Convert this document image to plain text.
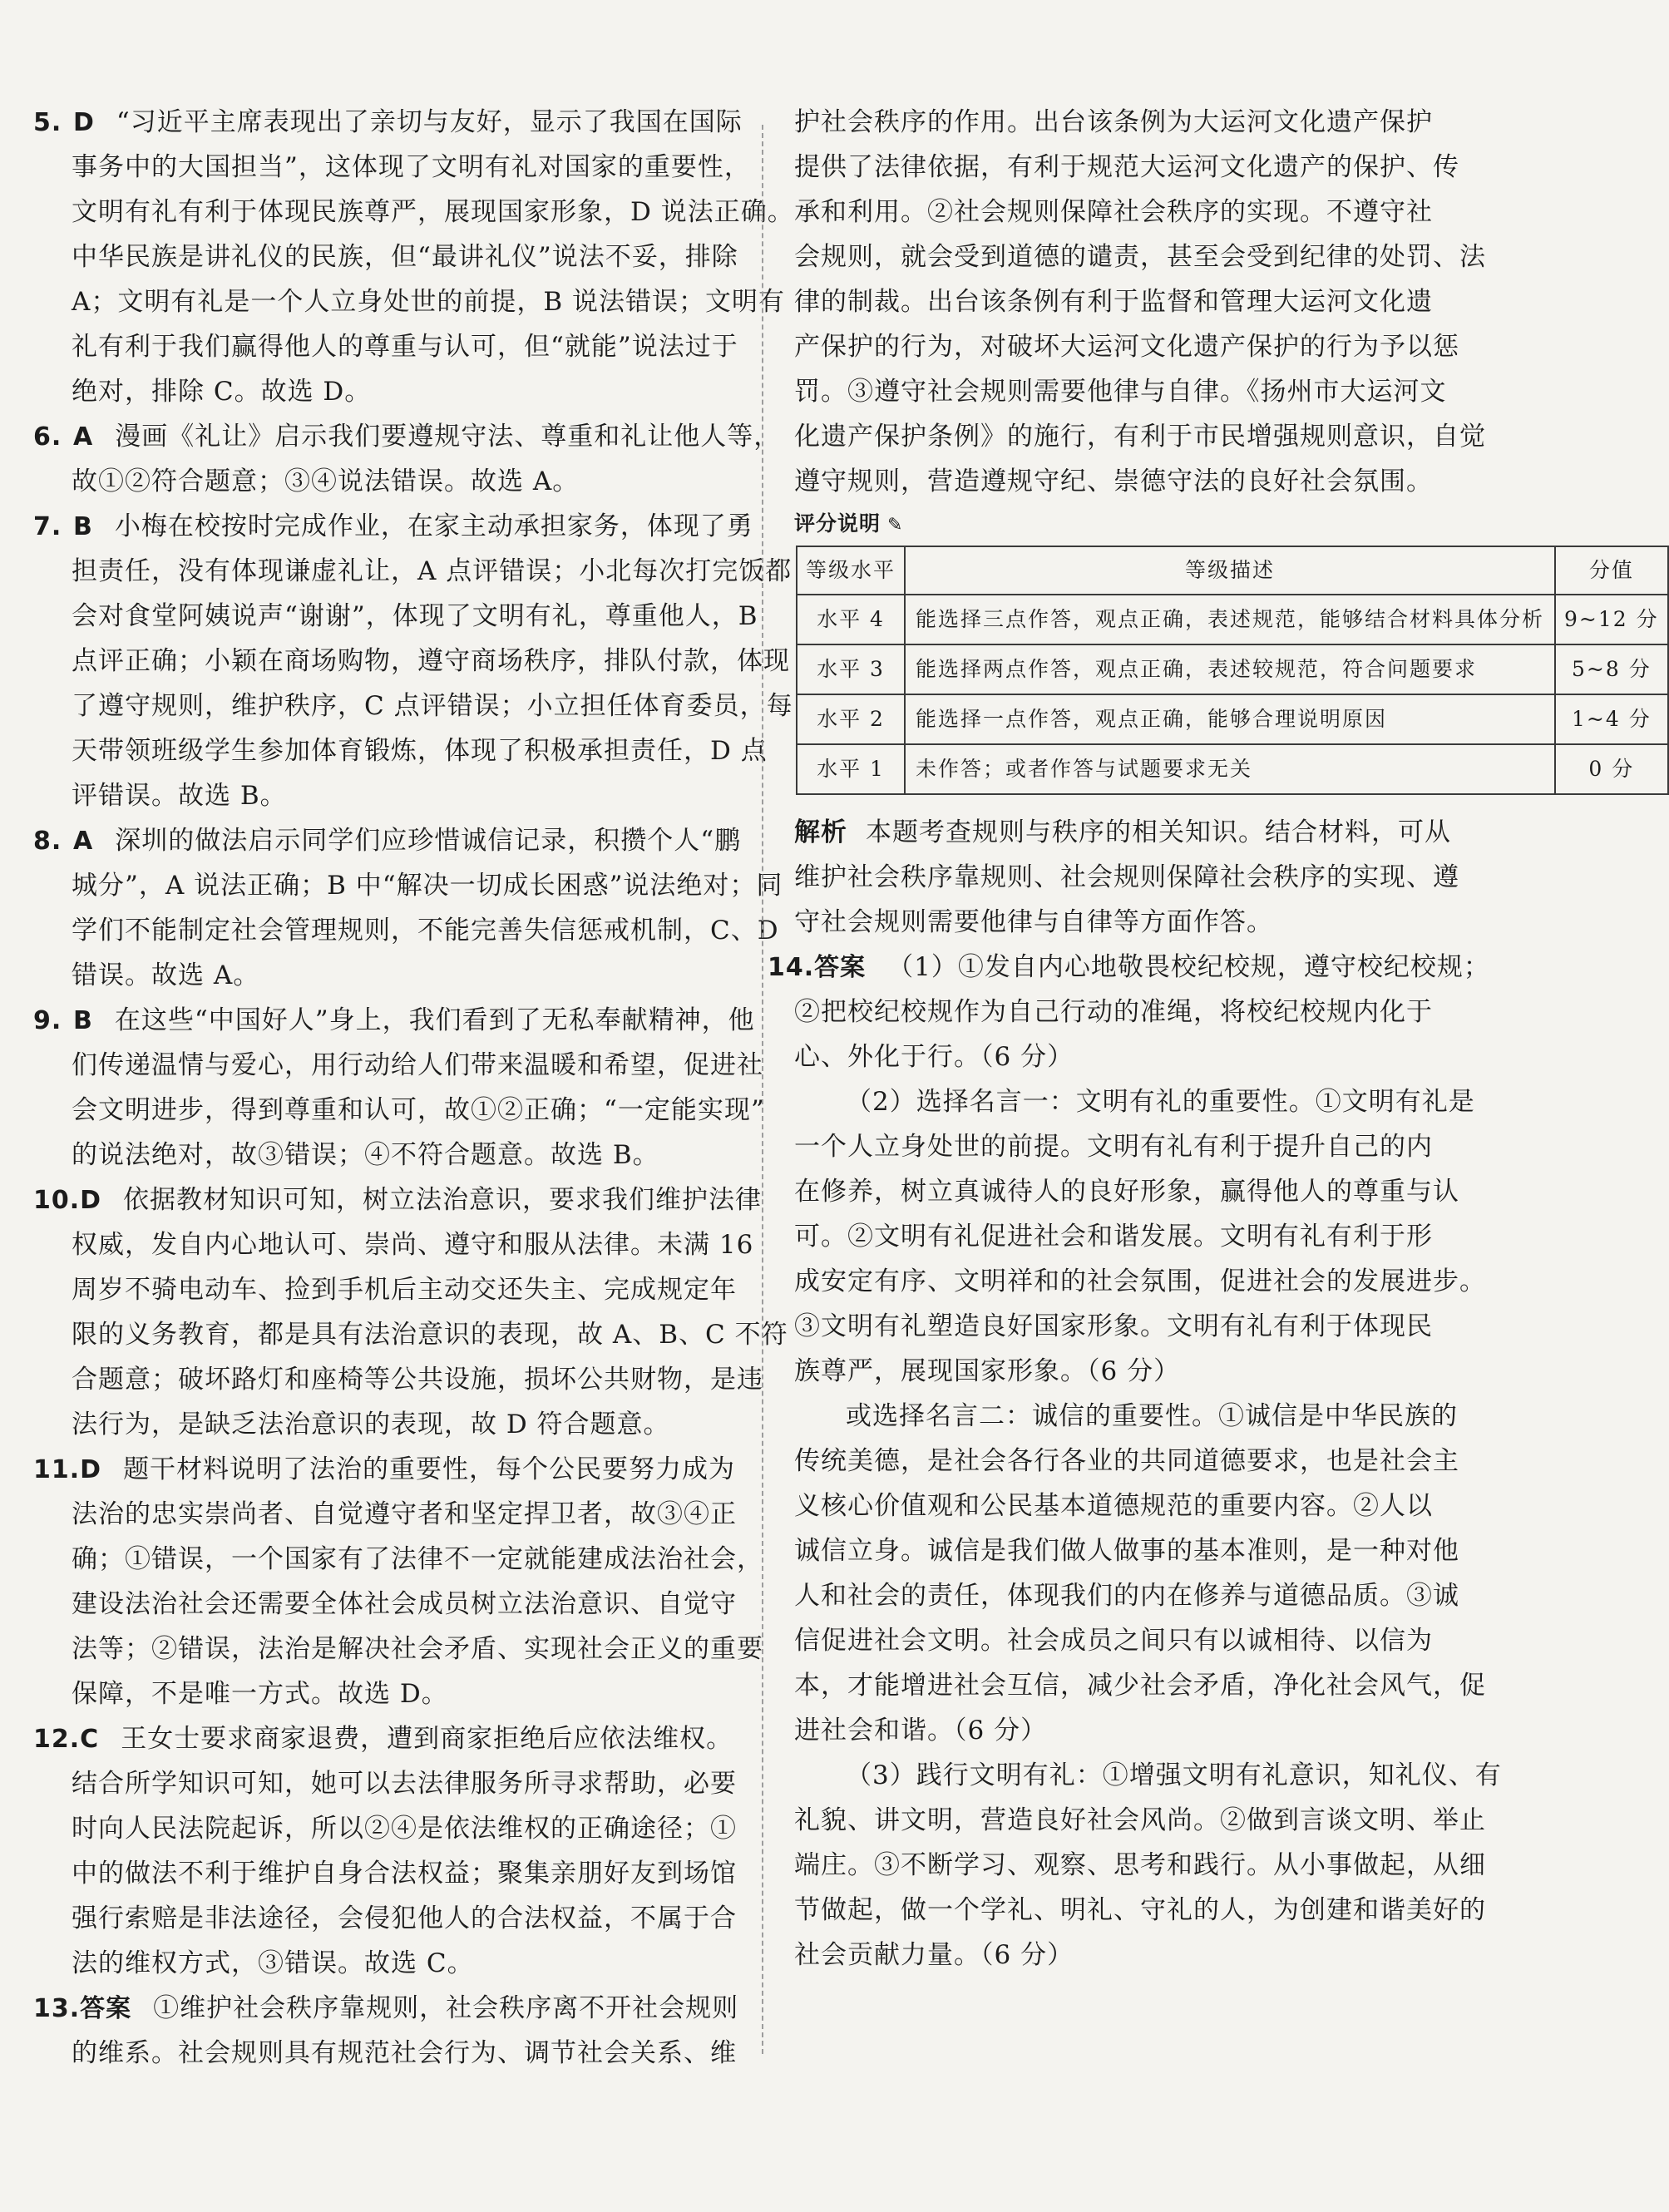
5. D “习近平主席表现出了亲切与友好，显示了我国在国际
事务中的大国担当”，这体现了文明有礼对国家的重要性，
文明有礼有利于体现民族尊严，展现国家形象，D 说法正确。
中华民族是讲礼仪的民族，但“最讲礼仪”说法不妥，排除
A；文明有礼是一个人立身处世的前提，B 说法错误；文明有
礼有利于我们赢得他人的尊重与认可，但“就能”说法过于
绝对，排除 C。故选 D。
6. A 漫画《礼让》启示我们要遵规守法、尊重和礼让他人等，
故①②符合题意；③④说法错误。故选 A。
7. B 小梅在校按时完成作业，在家主动承担家务，体现了勇
担责任，没有体现谦虚礼让，A 点评错误；小北每次打完饭都
会对食堂阿姨说声“谢谢”，体现了文明有礼，尊重他人，B
点评正确；小颖在商场购物，遵守商场秩序，排队付款，体现
了遵守规则，维护秩序，C 点评错误；小立担任体育委员，每
天带领班级学生参加体育锻炼，体现了积极承担责任，D 点
评错误。故选 B。
8. A 深圳的做法启示同学们应珍惜诚信记录，积攒个人“鹏
城分”，A 说法正确；B 中“解决一切成长困惑”说法绝对；同
学们不能制定社会管理规则，不能完善失信惩戒机制，C、D
错误。故选 A。
9. B 在这些“中国好人”身上，我们看到了无私奉献精神，他
们传递温情与爱心，用行动给人们带来温暖和希望，促进社
会文明进步，得到尊重和认可，故①②正确；“一定能实现”
的说法绝对，故③错误；④不符合题意。故选 B。
10.D 依据教材知识可知，树立法治意识，要求我们维护法律
权威，发自内心地认可、崇尚、遵守和服从法律。未满 16
周岁不骑电动车、捡到手机后主动交还失主、完成规定年
限的义务教育，都是具有法治意识的表现，故 A、B、C 不符
合题意；破坏路灯和座椅等公共设施，损坏公共财物，是违
法行为，是缺乏法治意识的表现，故 D 符合题意。
11.D 题干材料说明了法治的重要性，每个公民要努力成为
法治的忠实崇尚者、自觉遵守者和坚定捍卫者，故③④正
确；①错误，一个国家有了法律不一定就能建成法治社会，
建设法治社会还需要全体社会成员树立法治意识、自觉守
法等；②错误，法治是解决社会矛盾、实现社会正义的重要
保障，不是唯一方式。故选 D。
12.C 王女士要求商家退费，遭到商家拒绝后应依法维权。
结合所学知识可知，她可以去法律服务所寻求帮助，必要
时向人民法院起诉，所以②④是依法维权的正确途径；①
中的做法不利于维护自身合法权益；聚集亲朋好友到场馆
强行索赔是非法途径，会侵犯他人的合法权益，不属于合
法的维权方式，③错误。故选 C。
13.答案 ①维护社会秩序靠规则，社会秩序离不开社会规则
的维系。社会规则具有规范社会行为、调节社会关系、维
护社会秩序的作用。出台该条例为大运河文化遗产保护
提供了法律依据，有利于规范大运河文化遗产的保护、传
承和利用。②社会规则保障社会秩序的实现。不遵守社
会规则，就会受到道德的谴责，甚至会受到纪律的处罚、法
律的制裁。出台该条例有利于监督和管理大运河文化遗
产保护的行为，对破坏大运河文化遗产保护的行为予以惩
罚。③遵守社会规则需要他律与自律。《扬州市大运河文
化遗产保护条例》的施行，有利于市民增强规则意识，自觉
遵守规则，营造遵规守纪、崇德守法的良好社会氛围。
评分说明 ✎
等级水平	等级描述	分值
水平 4	能选择三点作答，观点正确，表述规范，能够结合材料具体分析	9~12 分
水平 3	能选择两点作答，观点正确，表述较规范，符合问题要求	5~8 分
水平 2	能选择一点作答，观点正确，能够合理说明原因	1~4 分
水平 1	未作答；或者作答与试题要求无关	0 分
解析 本题考查规则与秩序的相关知识。结合材料，可从
维护社会秩序靠规则、社会规则保障社会秩序的实现、遵
守社会规则需要他律与自律等方面作答。
14.答案 （1）①发自内心地敬畏校纪校规，遵守校纪校规；
②把校纪校规作为自己行动的准绳，将校纪校规内化于
心、外化于行。（6 分）
（2）选择名言一：文明有礼的重要性。①文明有礼是
一个人立身处世的前提。文明有礼有利于提升自己的内
在修养，树立真诚待人的良好形象，赢得他人的尊重与认
可。②文明有礼促进社会和谐发展。文明有礼有利于形
成安定有序、文明祥和的社会氛围，促进社会的发展进步。
③文明有礼塑造良好国家形象。文明有礼有利于体现民
族尊严，展现国家形象。（6 分）
或选择名言二：诚信的重要性。①诚信是中华民族的
传统美德，是社会各行各业的共同道德要求，也是社会主
义核心价值观和公民基本道德规范的重要内容。②人以
诚信立身。诚信是我们做人做事的基本准则，是一种对他
人和社会的责任，体现我们的内在修养与道德品质。③诚
信促进社会文明。社会成员之间只有以诚相待、以信为
本，才能增进社会互信，减少社会矛盾，净化社会风气，促
进社会和谐。（6 分）
（3）践行文明有礼：①增强文明有礼意识，知礼仪、有
礼貌、讲文明，营造良好社会风尚。②做到言谈文明、举止
端庄。③不断学习、观察、思考和践行。从小事做起，从细
节做起，做一个学礼、明礼、守礼的人，为创建和谐美好的
社会贡献力量。（6 分）
